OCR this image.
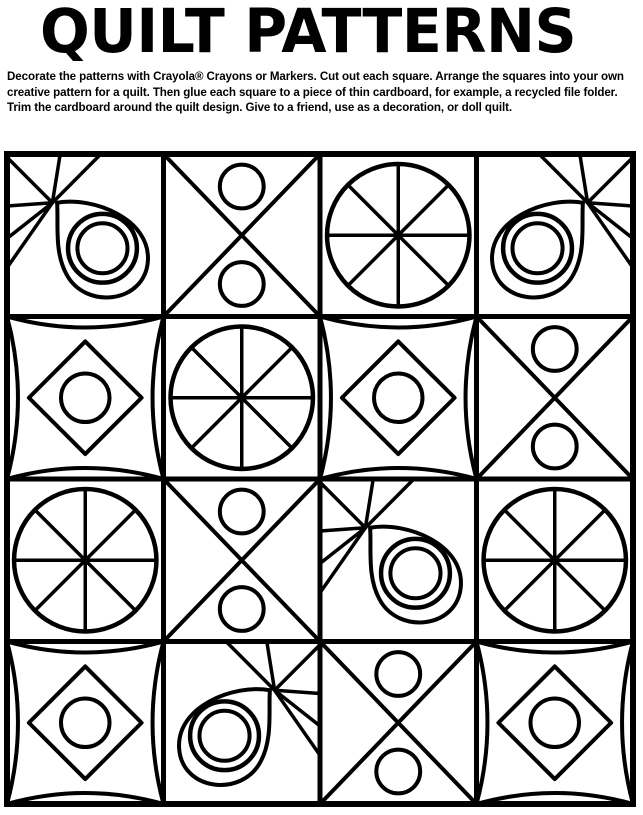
QUILT PATTERNS

Decorate the patterns with Crayola® Crayons or Markers. Cut out each square. Arrange the squares into your own creative pattern for a quilt. Then glue each square to a piece of thin cardboard, for example, a recycled file folder. Trim the cardboard around the quilt design. Give to a friend, use as a decoration, or doll quilt.
